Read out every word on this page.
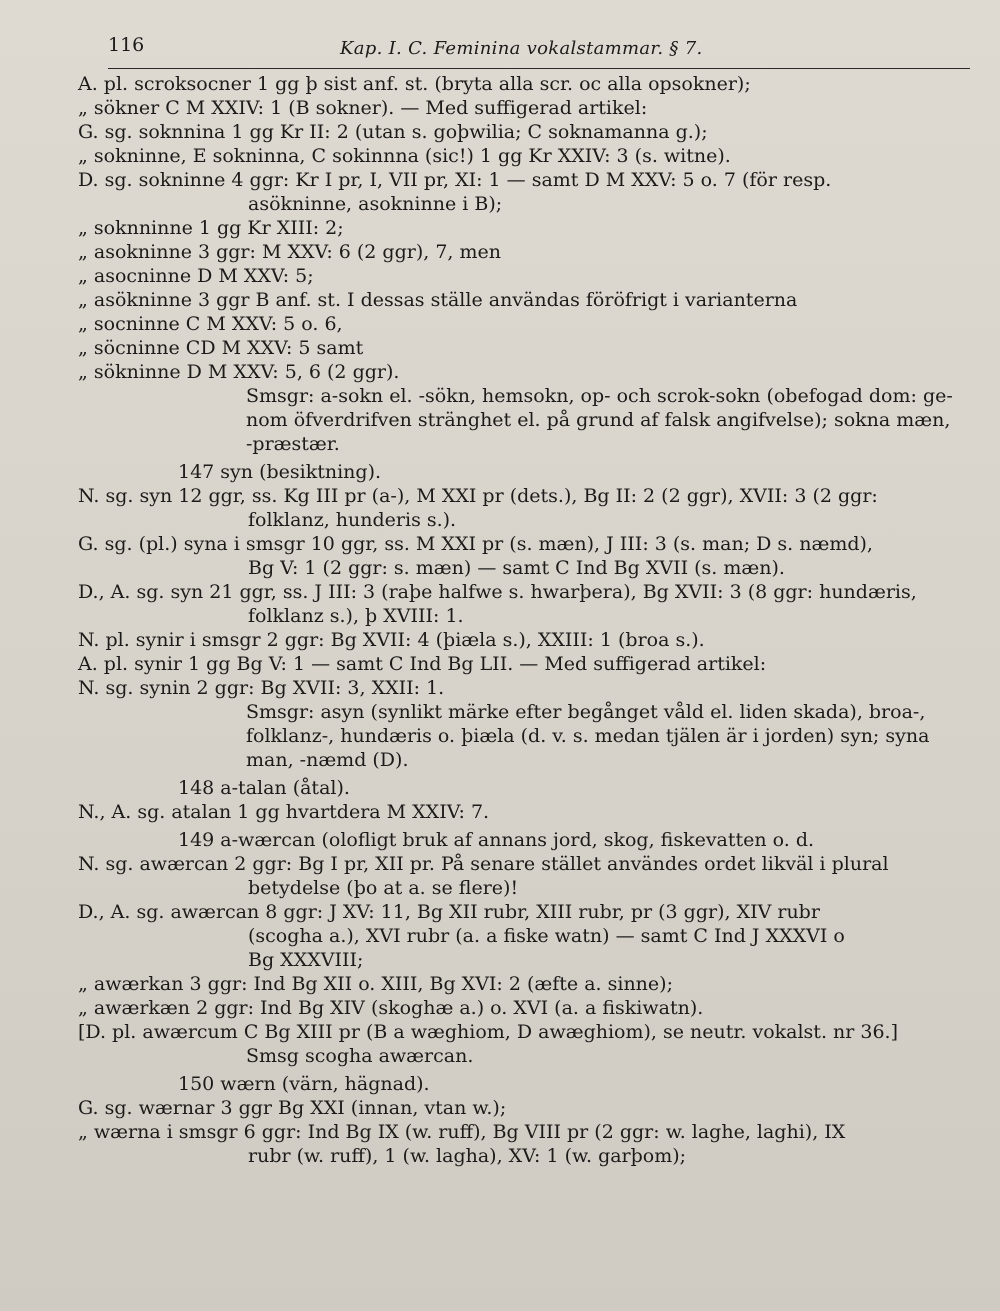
116	Kap. I. C. Feminina vokalstammar. § 7.
A. pl. scroksocner 1 gg þ sist anf. st. (bryta alla scr. oc alla opsokner);
„ sökner C M XXIV: 1 (B sokner). — Med suffigerad artikel:
G. sg. soknnina 1 gg Kr II: 2 (utan s. goþwilia; C soknamanna g.);
„ sokninne, E sokninna, C sokinnna (sic!) 1 gg Kr XXIV: 3 (s. witne).
D. sg. sokninne 4 ggr: Kr I pr, I, VII pr, XI: 1 — samt D M XXV: 5 o. 7 (för resp.
asökninne, asokninne i B);
„ soknninne 1 gg Kr XIII: 2;
„ asokninne 3 ggr: M XXV: 6 (2 ggr), 7, men
„ asocninne D M XXV: 5;
„ asökninne 3 ggr B anf. st. I dessas ställe användas föröfrigt i varianterna
„ socninne C M XXV: 5 o. 6,
„ söcninne CD M XXV: 5 samt
„ sökninne D M XXV: 5, 6 (2 ggr).
Smsgr: a-sokn el. -sökn, hemsokn, op- och scrok-sokn (obefogad dom: ge-
nom öfverdrifven stränghet el. på grund af falsk angifvelse); sokna mæn,
-præstær.
147 syn (besiktning).
N. sg. syn 12 ggr, ss. Kg III pr (a-), M XXI pr (dets.), Bg II: 2 (2 ggr), XVII: 3 (2 ggr:
folklanz, hunderis s.).
G. sg. (pl.) syna i smsgr 10 ggr, ss. M XXI pr (s. mæn), J III: 3 (s. man; D s. næmd),
Bg V: 1 (2 ggr: s. mæn) — samt C Ind Bg XVII (s. mæn).
D., A. sg. syn 21 ggr, ss. J III: 3 (raþe halfwe s. hwarþera), Bg XVII: 3 (8 ggr: hundæris,
folklanz s.), þ XVIII: 1.
N. pl. synir i smsgr 2 ggr: Bg XVII: 4 (þiæla s.), XXIII: 1 (broa s.).
A. pl. synir 1 gg Bg V: 1 — samt C Ind Bg LII. — Med suffigerad artikel:
N. sg. synin 2 ggr: Bg XVII: 3, XXII: 1.
Smsgr: asyn (synlikt märke efter begånget våld el. liden skada), broa-,
folklanz-, hundæris o. þiæla (d. v. s. medan tjälen är i jorden) syn; syna
man, -næmd (D).
148 a-talan (åtal).
N., A. sg. atalan 1 gg hvartdera M XXIV: 7.
149 a-wærcan (olofligt bruk af annans jord, skog, fiskevatten o. d.
N. sg. awærcan 2 ggr: Bg I pr, XII pr. På senare stället användes ordet likväl i plural
betydelse (þo at a. se flere)!
D., A. sg. awærcan 8 ggr: J XV: 11, Bg XII rubr, XIII rubr, pr (3 ggr), XIV rubr
(scogha a.), XVI rubr (a. a fiske watn) — samt C Ind J XXXVI o
Bg XXXVIII;
„ awærkan 3 ggr: Ind Bg XII o. XIII, Bg XVI: 2 (æfte a. sinne);
„ awærkæn 2 ggr: Ind Bg XIV (skoghæ a.) o. XVI (a. a fiskiwatn).
[D. pl. awærcum C Bg XIII pr (B a wæghiom, D awæghiom), se neutr. vokalst. nr 36.]
Smsg scogha awærcan.
150 wærn (värn, hägnad).
G. sg. wærnar 3 ggr Bg XXI (innan, vtan w.);
„ wærna i smsgr 6 ggr: Ind Bg IX (w. ruff), Bg VIII pr (2 ggr: w. laghe, laghi), IX
rubr (w. ruff), 1 (w. lagha), XV: 1 (w. garþom);
